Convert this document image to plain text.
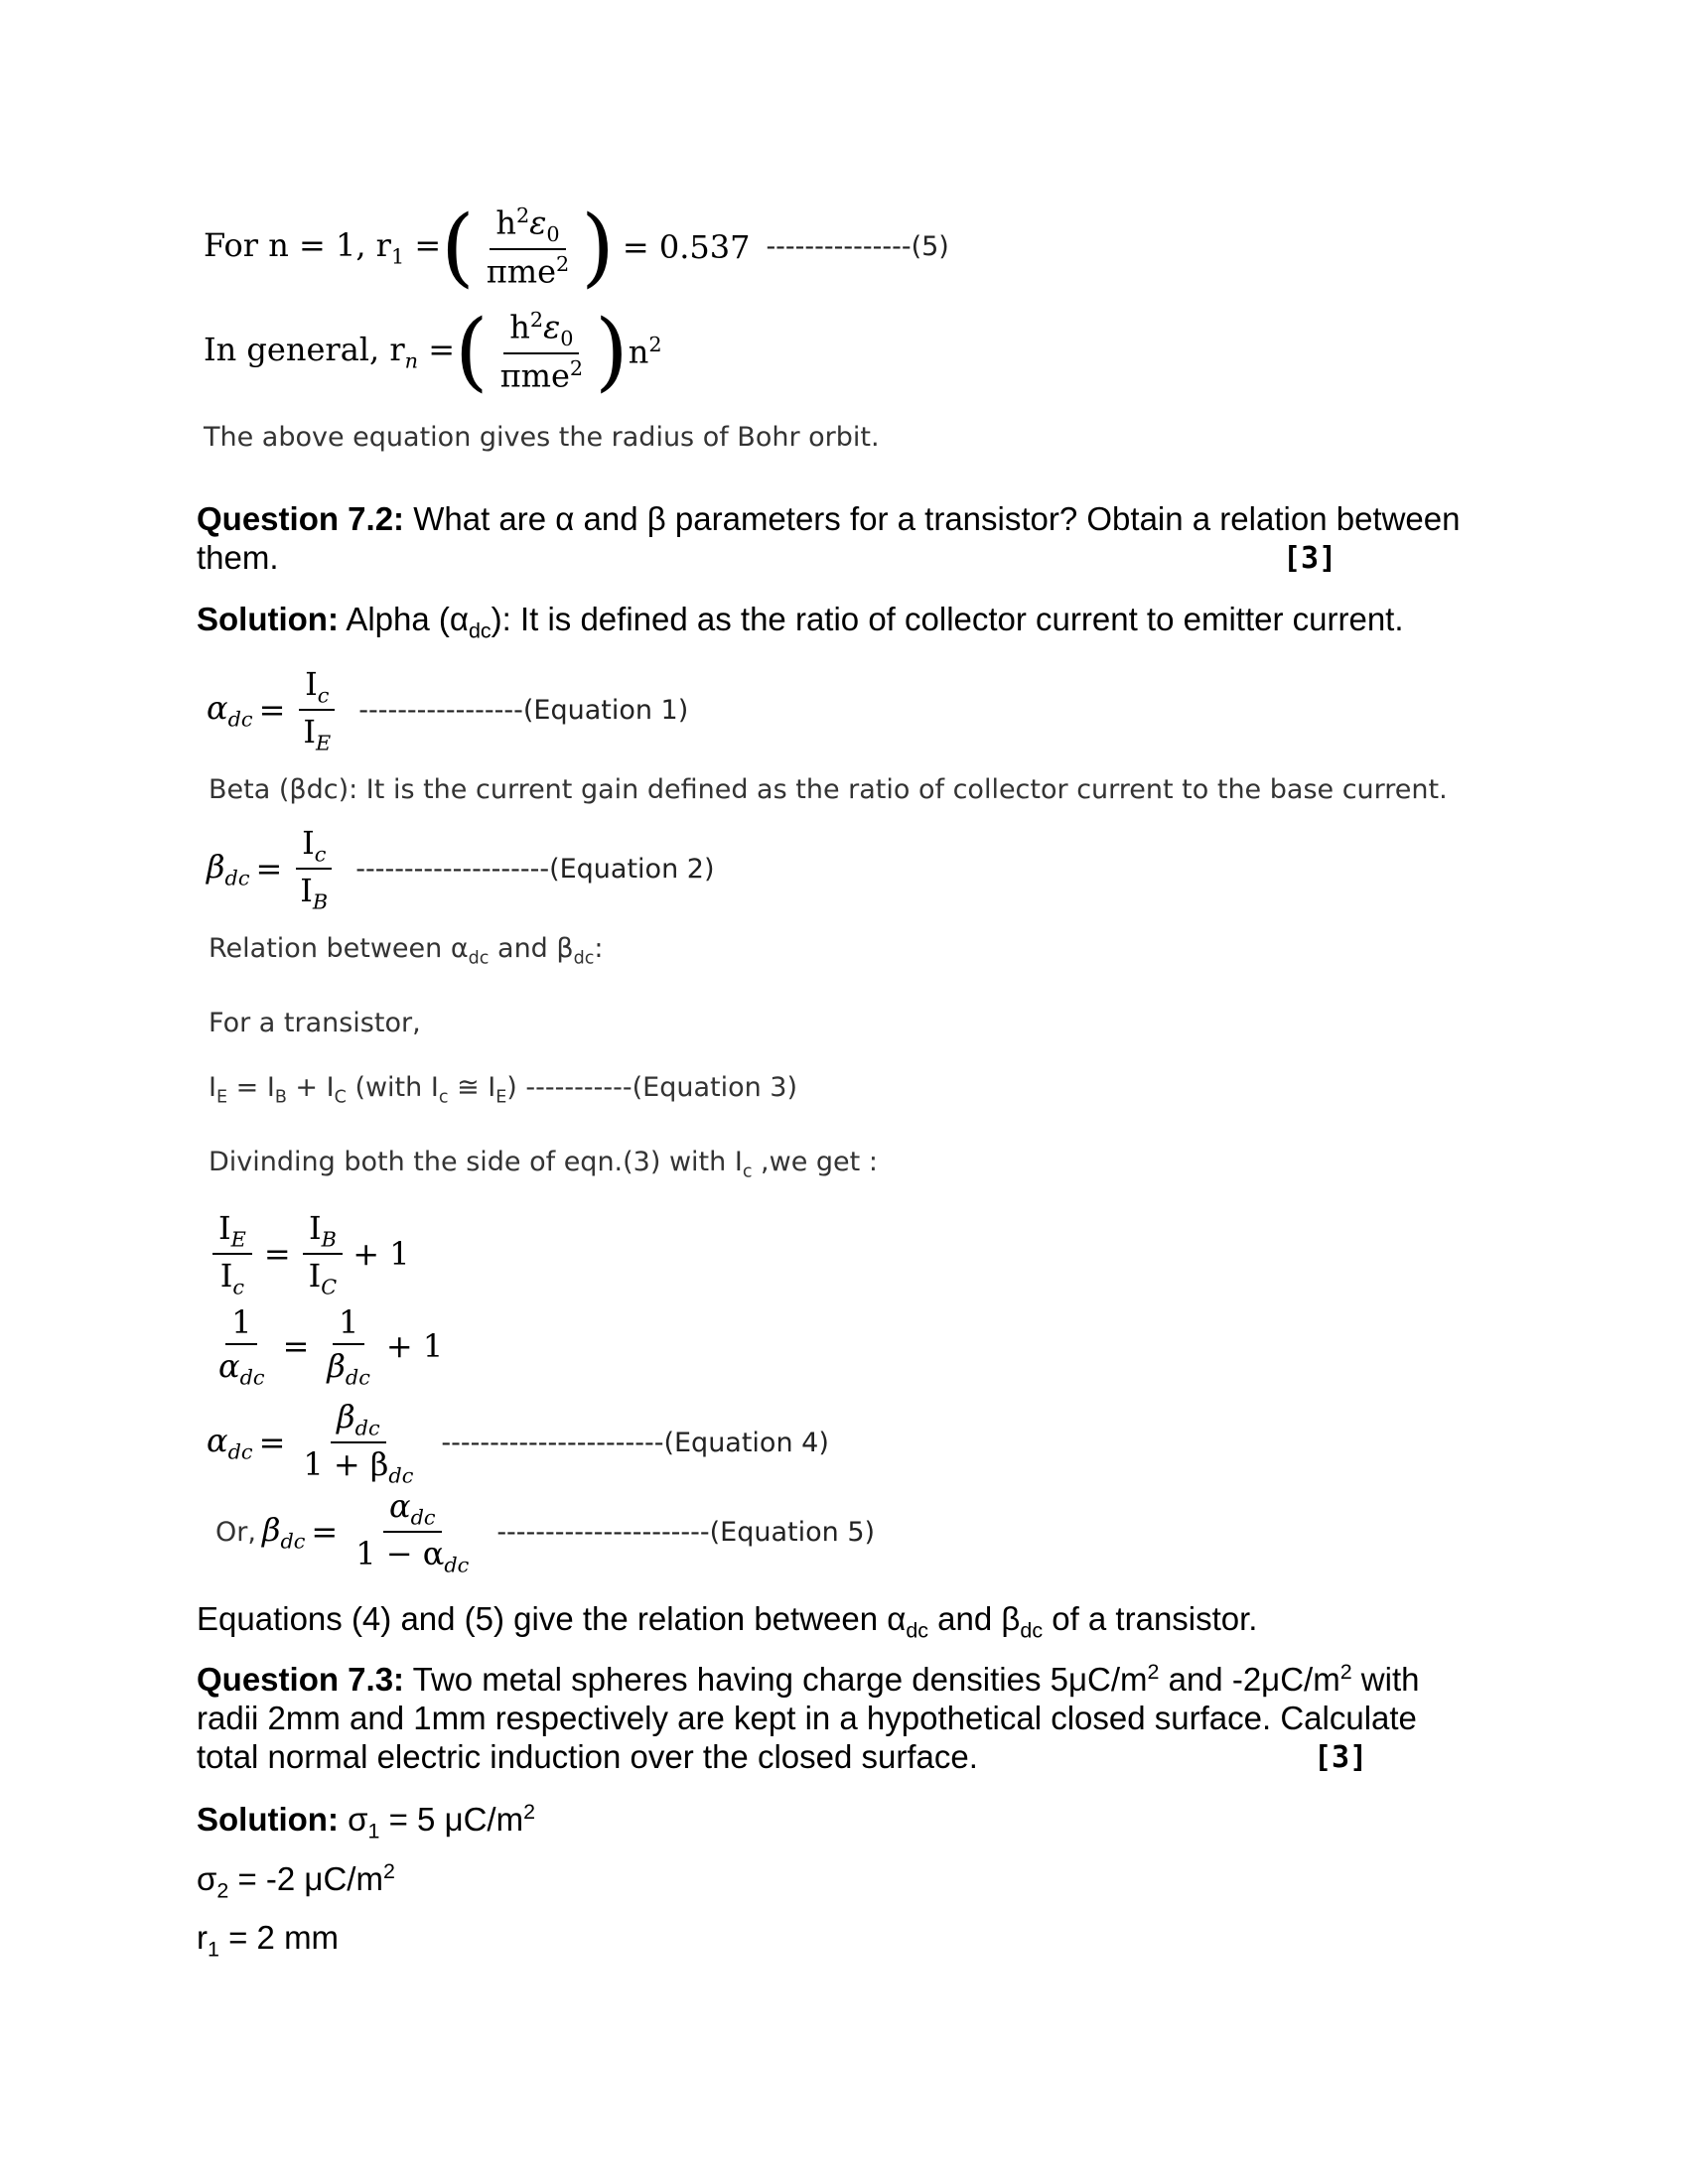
For n = 1, $r_1$ = ( $\frac{h^2\varepsilon_0}{\pi me^2}$ ) = 0.537 ---------------(5)
In general, $r_n$ = ( $\frac{h^2\varepsilon_0}{\pi me^2}$ ) $n^2$
The above equation gives the radius of Bohr orbit.
Question 7.2: What are α and β parameters for a transistor? Obtain a relation between
them.	[3]
Solution: Alpha $(\alpha_{dc})$: It is defined as the ratio of collector current to emitter current.
$\alpha_{dc} = \frac{I_c}{I_E}$ -----------------(Equation 1)
Beta (βdc): It is the current gain defined as the ratio of collector current to the base current.
$\beta_{dc} = \frac{I_c}{I_B}$ --------------------(Equation 2)
Relation between $\alpha_{dc}$ and $\beta_{dc}$:
For a transistor,
$I_E = I_B + I_C$ (with $I_c$ ≅ $I_E$) -----------(Equation 3)
Divinding both the side of eqn.(3) with $I_c$ ,we get :
$\frac{I_E}{I_c} = \frac{I_B}{I_C} + 1$
$\frac{1}{\alpha_{dc}} = \frac{1}{\beta_{dc}} + 1$
$\alpha_{dc} = \frac{\beta_{dc}}{1 + \beta_{dc}}$ -----------------------(Equation 4)
Or, $\beta_{dc} = \frac{\alpha_{dc}}{1 - \alpha_{dc}}$ ----------------------(Equation 5)
Equations (4) and (5) give the relation between $\alpha_{dc}$ and $\beta_{dc}$ of a transistor.
Question 7.3: Two metal spheres having charge densities $5\mu C/m^2$ and $-2\mu C/m^2$ with
radii 2mm and 1mm respectively are kept in a hypothetical closed surface. Calculate
total normal electric induction over the closed surface.	[3]
Solution: $\sigma_1 = 5$ $\mu C/m^2$
$\sigma_2 = -2$ $\mu C/m^2$
$r_1 = 2$ mm
